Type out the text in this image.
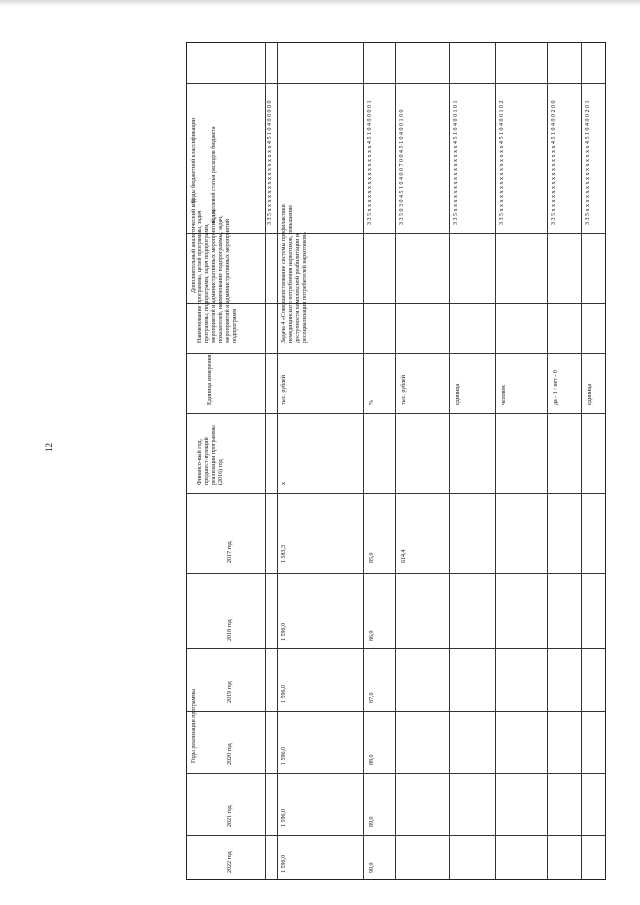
12
Коды бюджетной классификации код целевой статьи расходов бюджета
Дополнительный аналитический код Наименование программы, целей программы, задач программы, подпрограмм, задач подпрограмм, мероприятий и административных мероприятий, их показателей, наименование подпрограммы, задач, мероприятий и административных мероприятий подпрограмм
Единица измерения
Финансо-вый год, предшест-вующий реализации программы (2016) год
Годы реализации программы
2017 год
2018 год
2019 год
2020 год
2021 год
2022 год
3 3 5 x x x x x x x x x x x x x x x 4 5 1 0 4 0 0 0 0 0
Задача 4 «Совершенствование системы профилактики немедицинского потребления наркотиков, повышение доступности комплексной реабилитации и ресоциализации потребителей наркотиков»
тыс. рублей
x
1 583,3
1 596,0
1 596,0
1 596,0
1 596,0
1 596,0
3 3 5 x x x x x x x x x x x x x x x 4 5 1 0 4 0 0 0 0 1
%
85,0
86,0
87,0
88,0
89,0
90,0
3 3 5 0 3 0 4 5 1 0 4 0 0 7 0 0 4 5 1 0 4 0 0 1 0 0
тыс. рублей
614,4
3 3 5 x x x x x x x x x x x x x x x 4 5 1 0 4 0 0 1 0 1
единица
3 3 5 x x x x x x x x x x x x x x x 4 5 1 0 4 0 0 1 0 2
человек
3 3 5 x x x x x x x x x x x x x x x 4 5 1 0 4 0 0 2 0 0
да - 1 / нет - 0
3 3 5 x x x x x x x x x x x x x x x 4 5 1 0 4 0 0 2 0 1
единица
